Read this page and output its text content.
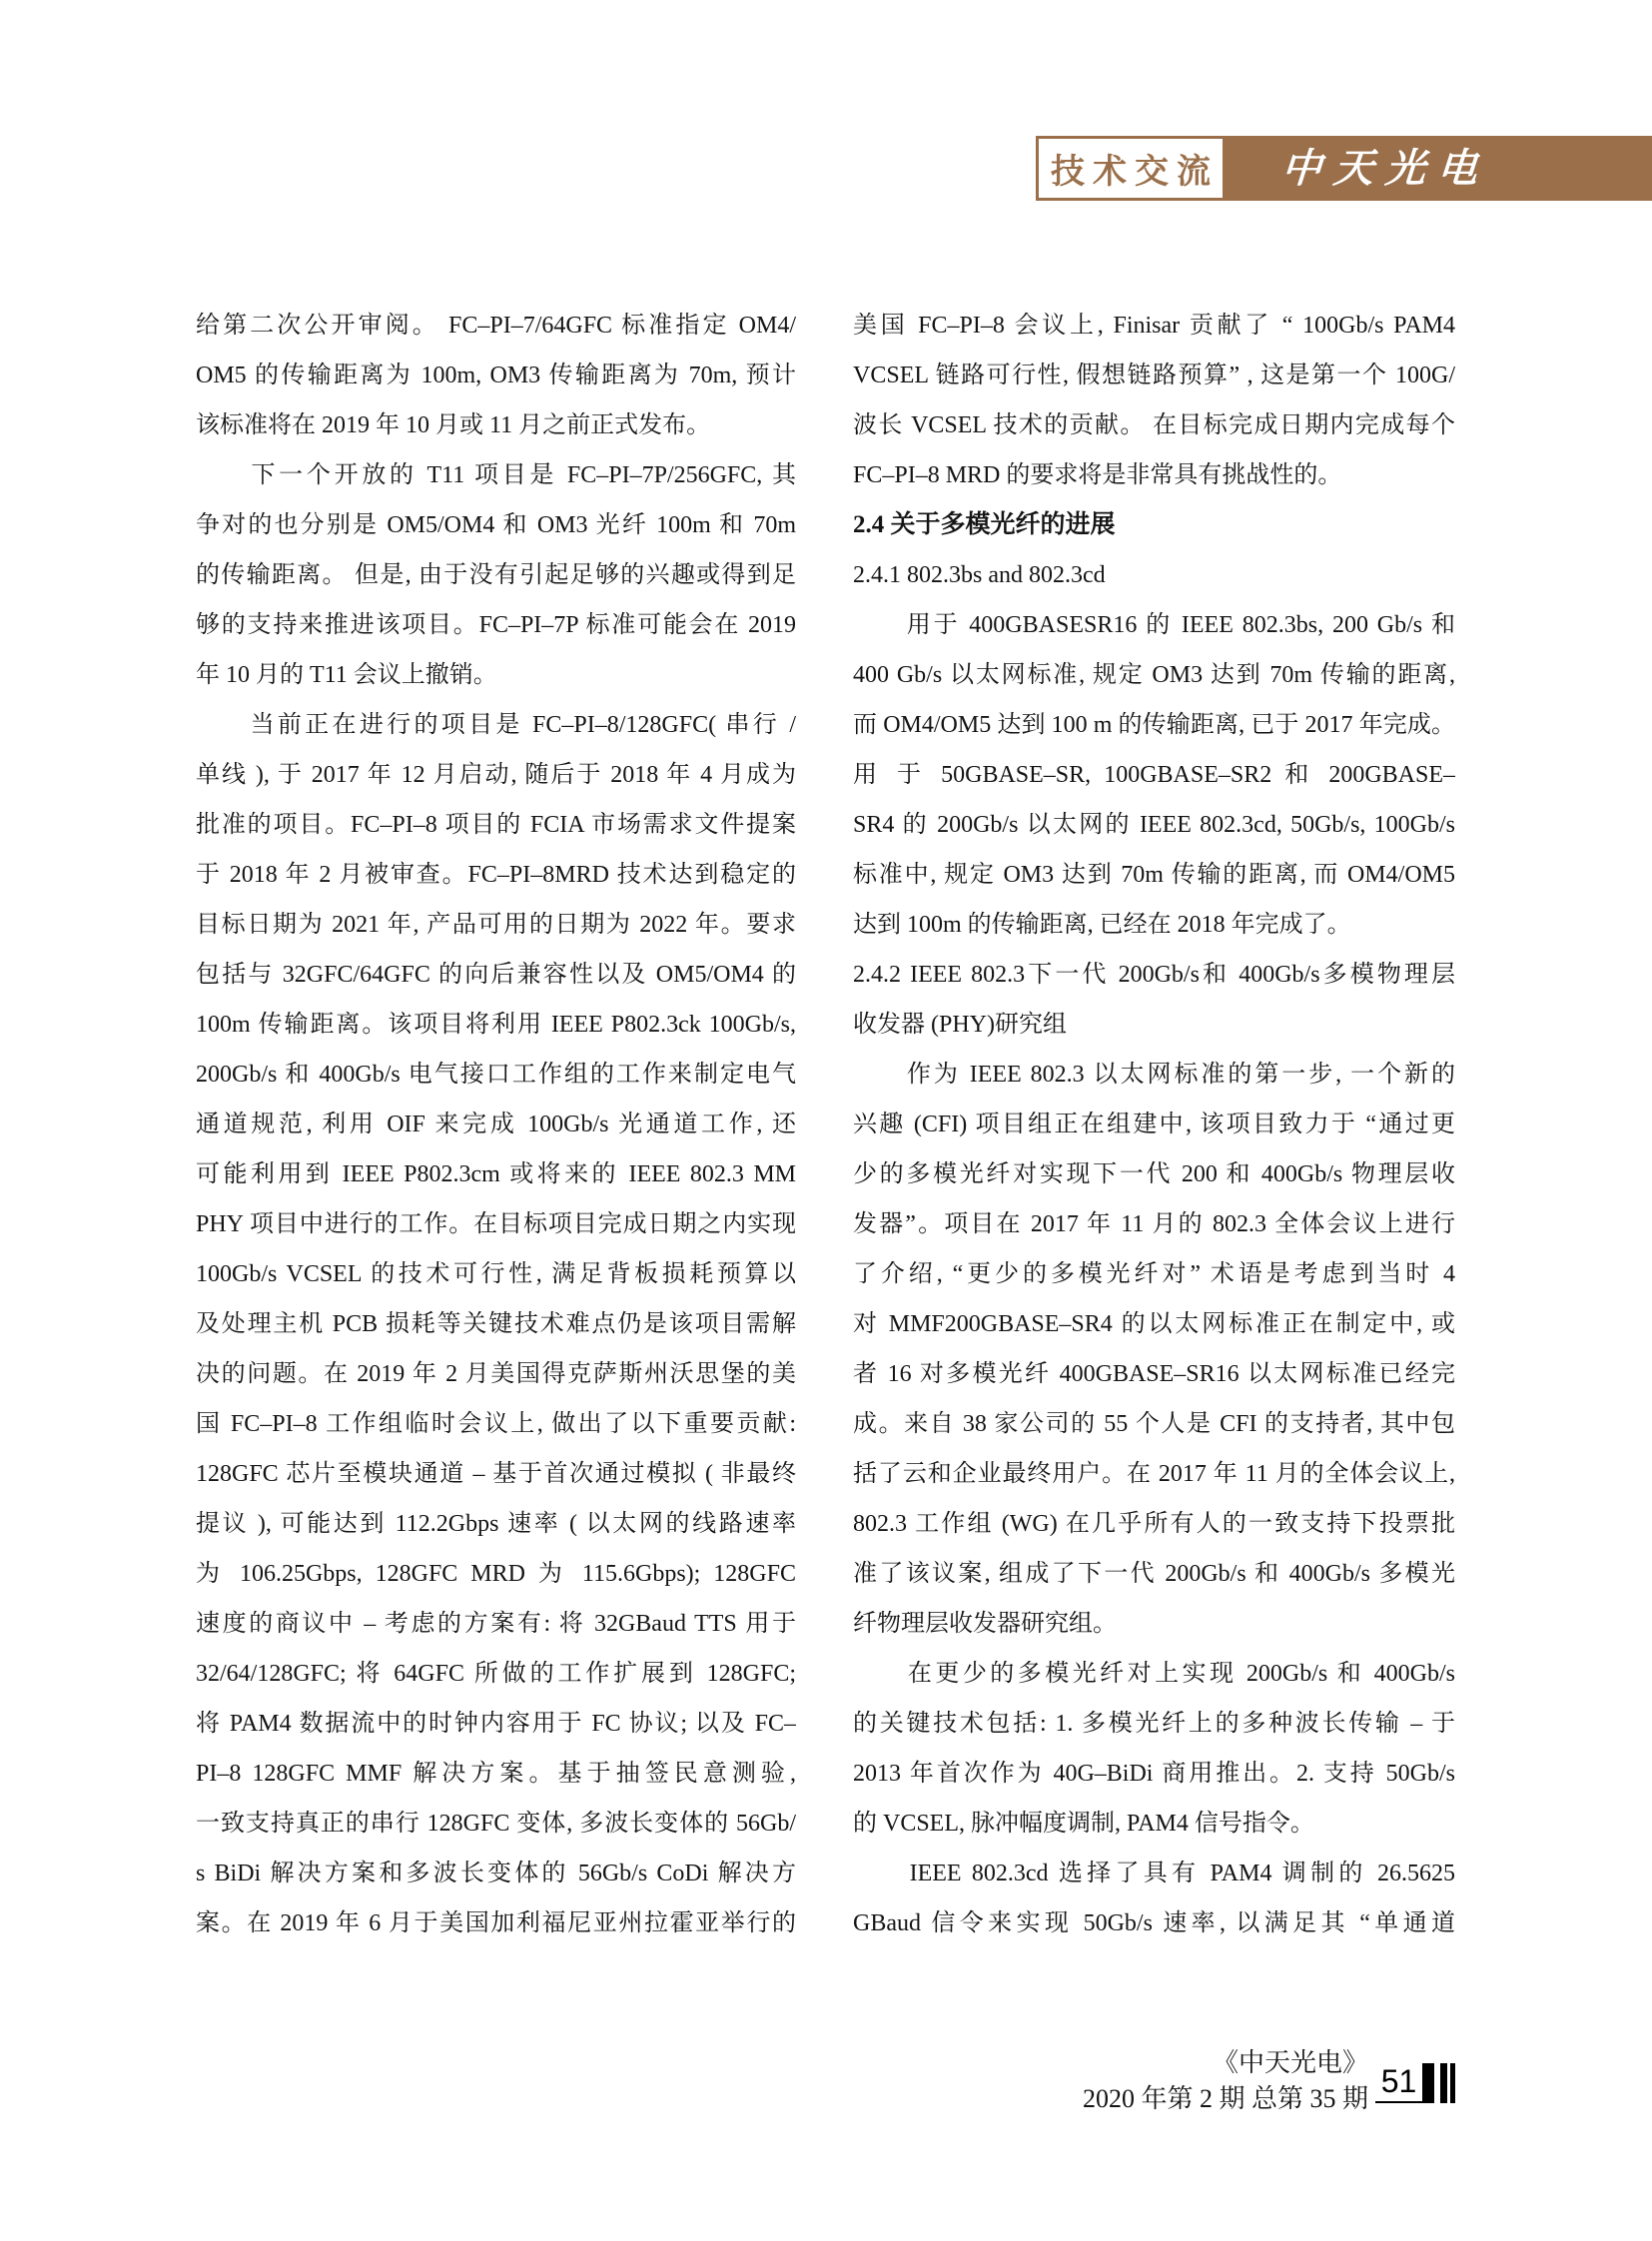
技术交流	中天光电
给第二次公开审阅。 FC–PI–7/64GFC 标准指定 OM4/
OM5 的传输距离为 100m, OM3 传输距离为 70m, 预计
该标准将在 2019 年 10 月或 11 月之前正式发布。
　　下一个开放的 T11 项目是 FC–PI–7P/256GFC, 其
争对的也分别是 OM5/OM4 和 OM3 光纤 100m 和 70m
的传输距离。 但是, 由于没有引起足够的兴趣或得到足
够的支持来推进该项目。FC–PI–7P 标准可能会在 2019
年 10 月的 T11 会议上撤销。
　　当前正在进行的项目是 FC–PI–8/128GFC( 串行 /
单线 ), 于 2017 年 12 月启动, 随后于 2018 年 4 月成为
批准的项目。FC–PI–8 项目的 FCIA 市场需求文件提案
于 2018 年 2 月被审查。FC–PI–8MRD 技术达到稳定的
目标日期为 2021 年, 产品可用的日期为 2022 年。要求
包括与 32GFC/64GFC 的向后兼容性以及 OM5/OM4 的
100m 传输距离。该项目将利用 IEEE P802.3ck 100Gb/s,
200Gb/s 和 400Gb/s 电气接口工作组的工作来制定电气
通道规范, 利用 OIF 来完成 100Gb/s 光通道工作, 还
可能利用到 IEEE P802.3cm 或将来的 IEEE 802.3 MM
PHY 项目中进行的工作。在目标项目完成日期之内实现
100Gb/s VCSEL 的技术可行性, 满足背板损耗预算以
及处理主机 PCB 损耗等关键技术难点仍是该项目需解
决的问题。在 2019 年 2 月美国得克萨斯州沃思堡的美
国 FC–PI–8 工作组临时会议上, 做出了以下重要贡献:
128GFC 芯片至模块通道 – 基于首次通过模拟 ( 非最终
提议 ), 可能达到 112.2Gbps 速率 ( 以太网的线路速率
为 106.25Gbps, 128GFC MRD 为 115.6Gbps); 128GFC
速度的商议中 – 考虑的方案有: 将 32GBaud TTS 用于
32/64/128GFC; 将 64GFC 所做的工作扩展到 128GFC;
将 PAM4 数据流中的时钟内容用于 FC 协议; 以及 FC–
PI–8 128GFC MMF 解决方案。基于抽签民意测验,
一致支持真正的串行 128GFC 变体, 多波长变体的 56Gb/
s BiDi 解决方案和多波长变体的 56Gb/s CoDi 解决方
案。在 2019 年 6 月于美国加利福尼亚州拉霍亚举行的
美国 FC–PI–8 会议上, Finisar 贡献了 “ 100Gb/s PAM4
VCSEL 链路可行性, 假想链路预算” , 这是第一个 100G/
波长 VCSEL 技术的贡献。 在目标完成日期内完成每个
FC–PI–8 MRD 的要求将是非常具有挑战性的。
2.4 关于多模光纤的进展
2.4.1 802.3bs and 802.3cd
　　用于 400GBASESR16 的 IEEE 802.3bs, 200 Gb/s 和
400 Gb/s 以太网标准, 规定 OM3 达到 70m 传输的距离,
而 OM4/OM5 达到 100 m 的传输距离, 已于 2017 年完成。
用 于 50GBASE–SR, 100GBASE–SR2 和 200GBASE–
SR4 的 200Gb/s 以太网的 IEEE 802.3cd, 50Gb/s, 100Gb/s
标准中, 规定 OM3 达到 70m 传输的距离, 而 OM4/OM5
达到 100m 的传输距离, 已经在 2018 年完成了。
2.4.2 IEEE 802.3下一代 200Gb/s和 400Gb/s多模物理层
收发器 (PHY)研究组
　　作为 IEEE 802.3 以太网标准的第一步, 一个新的
兴趣 (CFI) 项目组正在组建中, 该项目致力于 “通过更
少的多模光纤对实现下一代 200 和 400Gb/s 物理层收
发器”。项目在 2017 年 11 月的 802.3 全体会议上进行
了介绍, “更少的多模光纤对” 术语是考虑到当时 4
对 MMF200GBASE–SR4 的以太网标准正在制定中, 或
者 16 对多模光纤 400GBASE–SR16 以太网标准已经完
成。来自 38 家公司的 55 个人是 CFI 的支持者, 其中包
括了云和企业最终用户。在 2017 年 11 月的全体会议上,
802.3 工作组 (WG) 在几乎所有人的一致支持下投票批
准了该议案, 组成了下一代 200Gb/s 和 400Gb/s 多模光
纤物理层收发器研究组。
　　在更少的多模光纤对上实现 200Gb/s 和 400Gb/s
的关键技术包括: 1. 多模光纤上的多种波长传输 – 于
2013 年首次作为 40G–BiDi 商用推出。2. 支持 50Gb/s
的 VCSEL, 脉冲幅度调制, PAM4 信号指令。
　　IEEE 802.3cd 选择了具有 PAM4 调制的 26.5625
GBaud 信令来实现 50Gb/s 速率, 以满足其 “单通道
《中天光电》
2020 年第 2 期 总第 35 期 51
